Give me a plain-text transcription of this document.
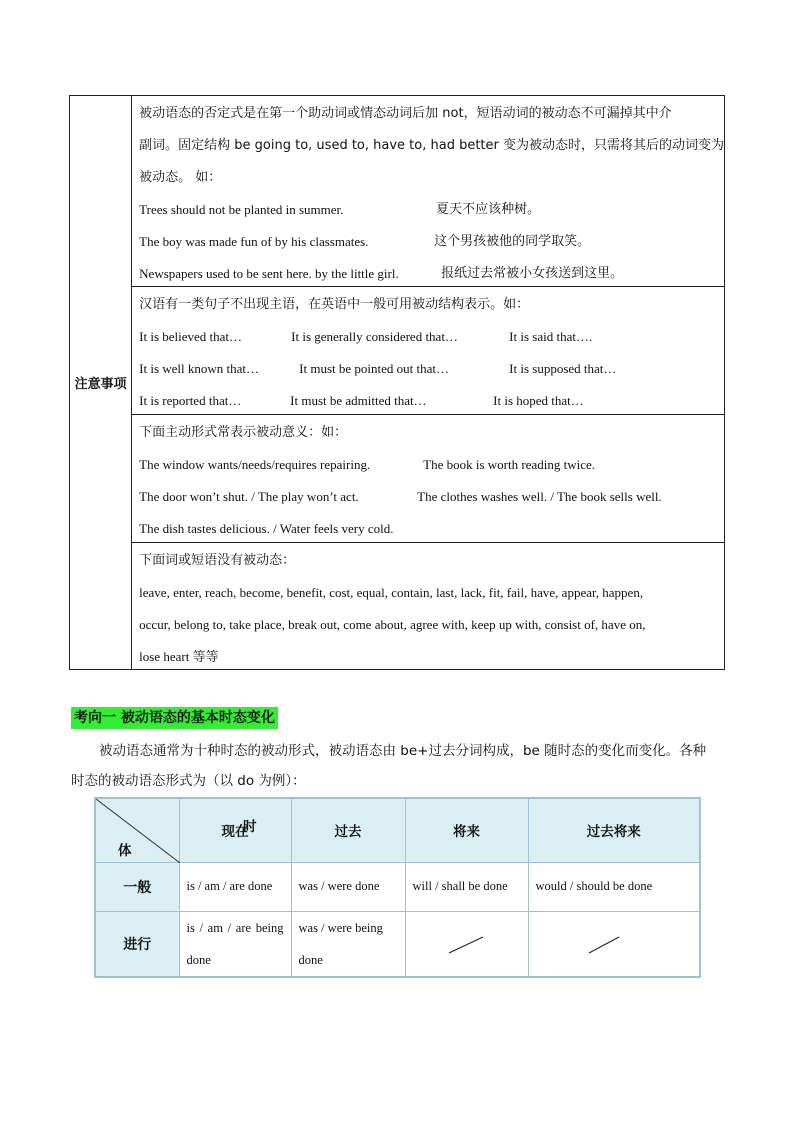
注意事项
被动语态的否定式是在第一个助动词或情态动词后加 not，短语动词的被动态不可漏掉其中介
副词。固定结构 be going to, used to, have to, had better 变为被动态时，只需将其后的动词变为
被动态。 如：
Trees should not be planted in summer.	夏天不应该种树。
The boy was made fun of by his classmates.	这个男孩被他的同学取笑。
Newspapers used to be sent here. by the little girl.	报纸过去常被小女孩送到这里。
汉语有一类句子不出现主语，在英语中一般可用被动结构表示。如：
It is believed that…	It is generally considered that…	It is said that….
It is well known that…	It must be pointed out that…	It is supposed that…
It is reported that…	It must be admitted that…	It is hoped that…
下面主动形式常表示被动意义：如：
The window wants/needs/requires repairing.	The book is worth reading twice.
The door won’t shut. / The play won’t act.	The clothes washes well. / The book sells well.
The dish tastes delicious. / Water feels very cold.
下面词或短语没有被动态：
leave, enter, reach, become, benefit, cost, equal, contain, last, lack, fit, fail, have, appear, happen,
occur, belong to, take place, break out, come about, agree with, keep up with, consist of, have on,
lose heart 等等
考向一 被动语态的基本时态变化
被动语态通常为十种时态的被动形式，被动语态由 be+过去分词构成，be 随时态的变化而变化。各种
时态的被动语态形式为（以 do 为例）：
时
体	现在	过去	将来	过去将来
一般	is / am / are done	was / were done	will / shall be done	would / should be done
进行	is / am / are being done	was / were being done	
